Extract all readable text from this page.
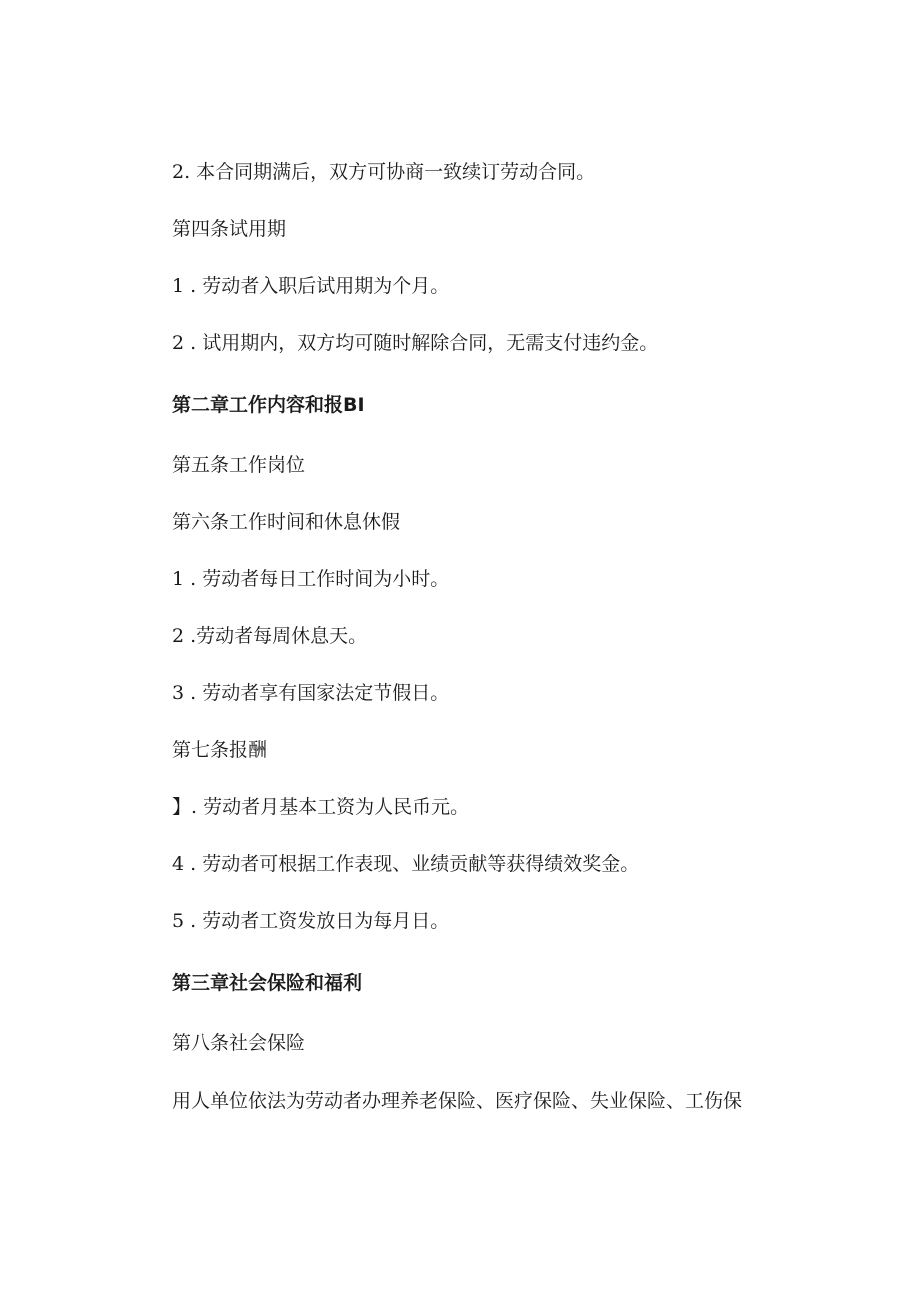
2. 本合同期满后，双方可协商一致续订劳动合同。
第四条试用期
1 . 劳动者入职后试用期为个月。
2 . 试用期内，双方均可随时解除合同，无需支付违约金。
第二章工作内容和报BI
第五条工作岗位
第六条工作时间和休息休假
1 . 劳动者每日工作时间为小时。
2 .劳动者每周休息天。
3 . 劳动者享有国家法定节假日。
第七条报酬
】. 劳动者月基本工资为人民币元。
4 . 劳动者可根据工作表现、业绩贡献等获得绩效奖金。
5 . 劳动者工资发放日为每月日。
第三章社会保险和福利
第八条社会保险
用人单位依法为劳动者办理养老保险、医疗保险、失业保险、工伤保
